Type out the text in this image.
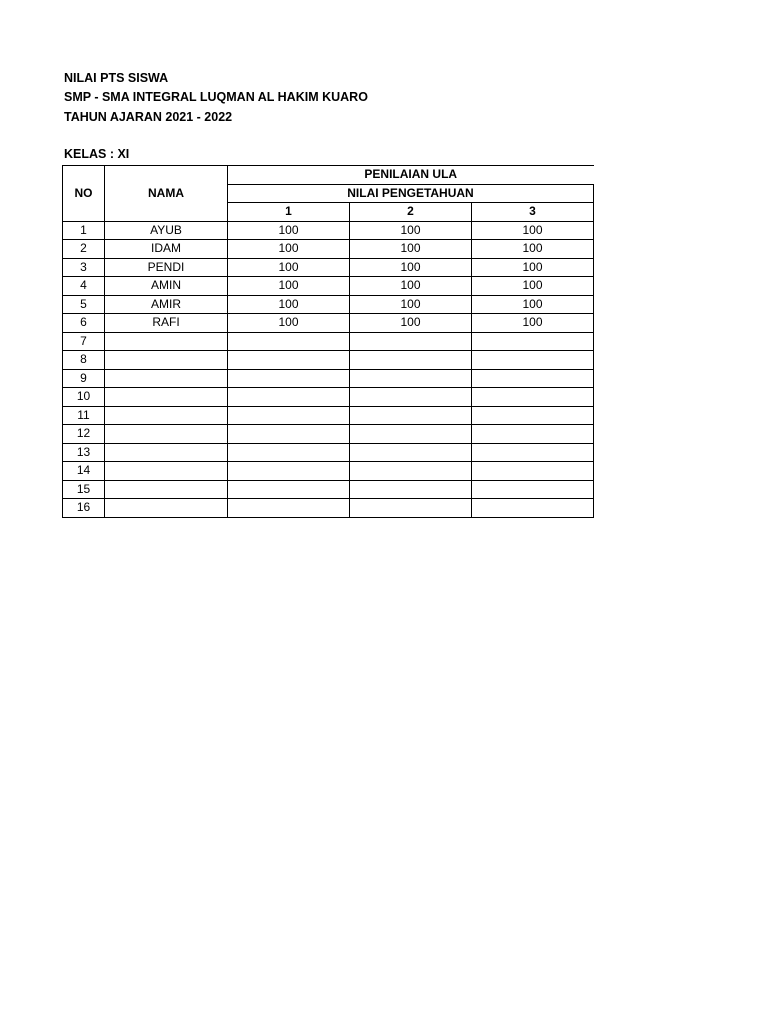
NILAI PTS SISWA
SMP - SMA INTEGRAL LUQMAN AL HAKIM KUARO
TAHUN AJARAN 2021 - 2022
KELAS : XI
NO	NAMA	PENILAIAN ULA		
		NILAI PENGETAHUAN		
		1	2	3
1	AYUB	100	100	100
2	IDAM	100	100	100
3	PENDI	100	100	100
4	AMIN	100	100	100
5	AMIR	100	100	100
6	RAFI	100	100	100
7				
8				
9				
10				
11				
12				
13				
14				
15				
16				
